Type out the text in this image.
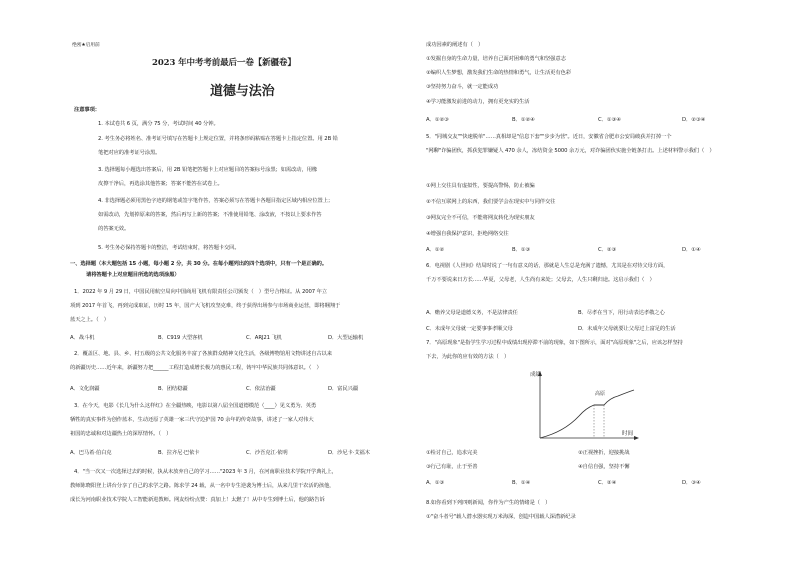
绝密★启用前
2023 年中考考前最后一卷【新疆卷】
道德与法治
注意事项：
1. 本试卷共 6 页，满分 75 分，考试时间 40 分钟。
2. 考生务必将姓名、准考证号填写在答题卡上规定位置，并将条形码粘贴在答题卡上指定位置。用 2B 铅
笔把对应的准考证号涂黑。
3. 选择题每小题选出答案后，用 2B 铅笔把答题卡上对应题目的答案标号涂黑；如需改动，用橡
皮擦干净后，再选涂其他答案；答案不能答在试卷上。
4. 非选择题必须用黑色字迹的钢笔或签字笔作答，答案必须写在答题卡各题目指定区域内相应位置上；
如需改动，先划掉原来的答案，然后再写上新的答案；不准使用铅笔、涂改液，不按以上要求作答
的答案无效。
5. 考生务必保持答题卡的整洁，考试结束时，将答题卡交回。
一、选择题（本大题包括 15 小题，每小题 2 分，共 30 分。在每小题列出的四个选项中，只有一个是正确的。
请将答题卡上对应题目所选的选项涂黑）
1．2022 年 9 月 29 日，中国民用航空局向中国商用飞机有限责任公司颁发（　）型号合格证。从 2007 年立
项到 2017 年首飞，再到完成取证，历时 15 年，国产大飞机攻坚克难，终于获得出场参与市场商业运营，即将翱翔于
蓝天之上。（　）
A．战斗机	B．C919 大型客机	C．ARJ21 飞机	D．大型运输机
2．覆盖区、地、县、乡、村五级的公共文化服务丰富了各族群众精神文化生活，各级博物馆用文物讲述自古以来
的新疆历史……近年来，新疆努力把______工程打造成增长极力的惠民工程，铸牢中华民族共同体意识。（　）
A．文化润疆	B．团结稳疆	C．依法治疆	D．富民兴疆
3．在今天，电影《长几为什么这样红》在全疆热映，电影以第八届全国道德模范（____）见义勇为、英勇
牺牲的真实事件为创作蓝本，生动还原了英雄一家三代守边护国 70 余年的传奇故事，讲述了一家人对伟大
祖国的忠诚和对边疆热土的深厚情怀。（　）
A．巴马希·伯白克	B．拉齐尼·巴依卡	C．沙吾克江·依明	D．沙尼卡·艾福木
4．"当一次又一次选择过去的时候，执从未放弃自己的学习……"2023 年 3 月，在河南职业技术学院开学典礼上，
教师陈晓阳登上讲台分享了自己的求学之路。陈求学 24 载，从一名中专生逆袭为博士后，从来几里干农活的孩他，
成长为河南职业技术学院人工智能新进教师。网友纷纷点赞：真加上！太燃了！从中专生到博士后，他的路告诉
成功因素的阐述有（　）
①发掘自身的生命力量，培养自己面对困难的勇气和坚强意志
②编织人生梦想，激发我们生命的热情和勇气，让生活更有色彩
③坚持努力奋斗，就一定能成功
④学习能激发前进的动力，拥有更充实的生活
A．①②③	B．①②④	C．①③④	D．②③④
5．"同城交友""快速脱单"……真相却是"信息下套""步步为营"。近日，安徽省合肥市公安局破获并打掉一个
"网聊"诈骗团伙，抓获犯罪嫌疑人 470 余人，冻结资金 5000 余万元，对诈骗团伙实施全链条打击。上述材料警示我们（　）
①网上交往具有虚拟性，要提高警惕，防止被骗
②不信互联网上的东西，我们要学会在现实中与同伴交往
③网友完全不可信，不能将网友转化为现实朋友
④增强自我保护意识，拒绝网络交往
A．①②	B．①③	C．②③	D．①④
6．电视剧《人世间》结局时说了一句有意义的话，那就是人生总是充满了遗憾，尤其是在对待父母方面，
千万不要说来日方长……华夏，父母老，人生尚有来处；父母去，人生只剩归途。这启示我们（　）
A．赡养父母是道德义务，不是法律责任	B．尽孝在当下，用行动表达孝敬之心
C．未成年父母就一定要事事孝顺父母	D．未成年父母就要让父母过上富足的生活
7．"高原现象"是指学生学习过程中成绩出现停滞不前的现象，如下图所示，面对"高原现象"之后，应该怎样坚持
下去，为此你的应有效的方法（　）
成绩
时间
高原
①检讨自己，追求完美	②正视挫折，迎接挑战
③行己有耻，止于至善	④自信自强，坚持不懈
A．①③	B．①④	C．②④	D．③④
8.如你看到下列四则新闻，你作为产生的情绪是（　）
①"奋斗者号"载人潜水器实现万米海深，创造中国载人深潜新纪录
